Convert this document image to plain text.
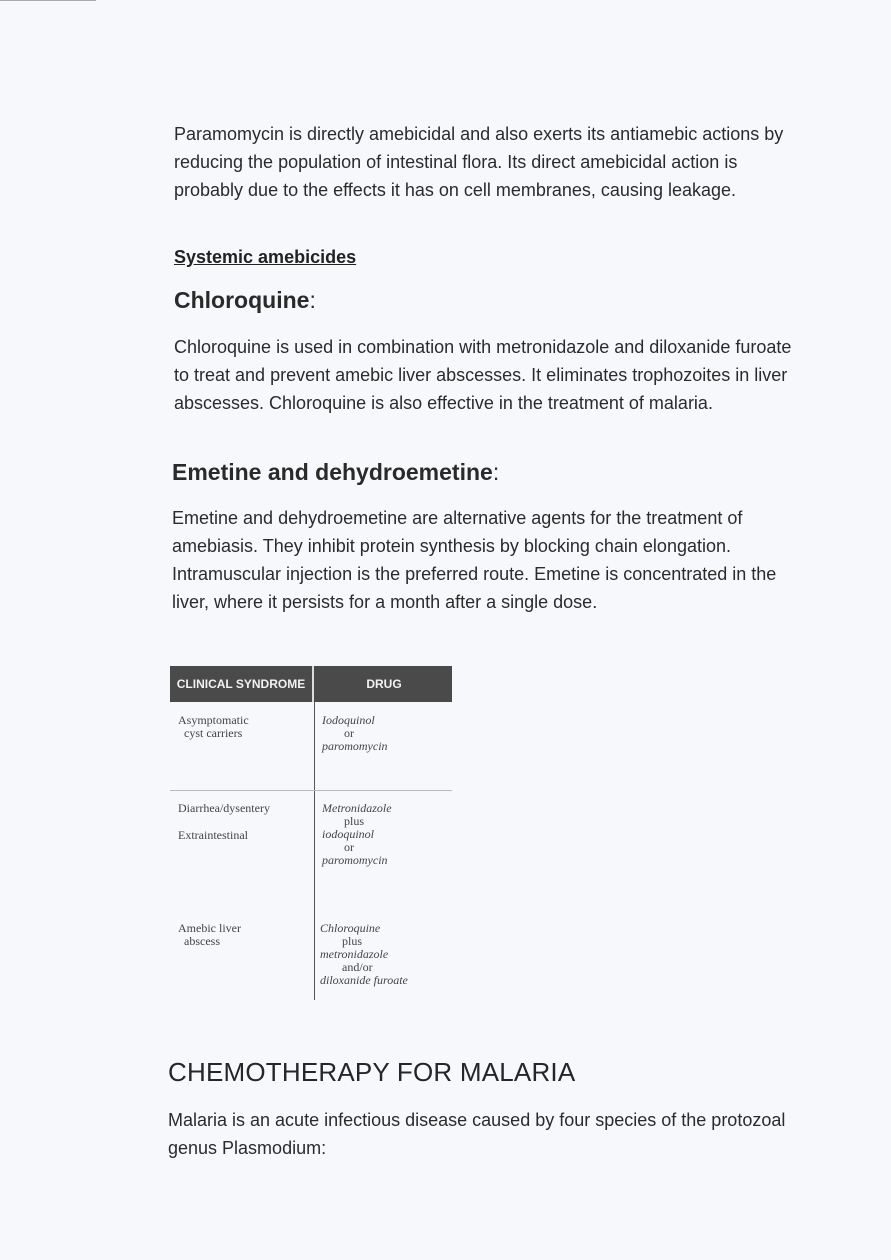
Paramomycin is directly amebicidal and also exerts its antiamebic actions by reducing the population of intestinal flora. Its direct amebicidal action is probably due to the effects it has on cell membranes, causing leakage.

Systemic amebicides

Chloroquine:

Chloroquine is used in combination with metronidazole and diloxanide furoate to treat and prevent amebic liver abscesses. It eliminates trophozoites in liver abscesses. Chloroquine is also effective in the treatment of malaria.

Emetine and dehydroemetine:

Emetine and dehydroemetine are alternative agents for the treatment of amebiasis. They inhibit protein synthesis by blocking chain elongation. Intramuscular injection is the preferred route. Emetine is concentrated in the liver, where it persists for a month after a single dose.

CLINICAL SYNDROME	DRUG
Asymptomatic
cyst carriers
Iodoquinol
or
paromomycin
Diarrhea/dysentery
Extraintestinal
Metronidazole
plus
iodoquinol
or
paromomycin
Amebic liver
abscess
Chloroquine
plus
metronidazole
and/or
diloxanide furoate
CHEMOTHERAPY FOR MALARIA

Malaria is an acute infectious disease caused by four species of the protozoal genus Plasmodium:
